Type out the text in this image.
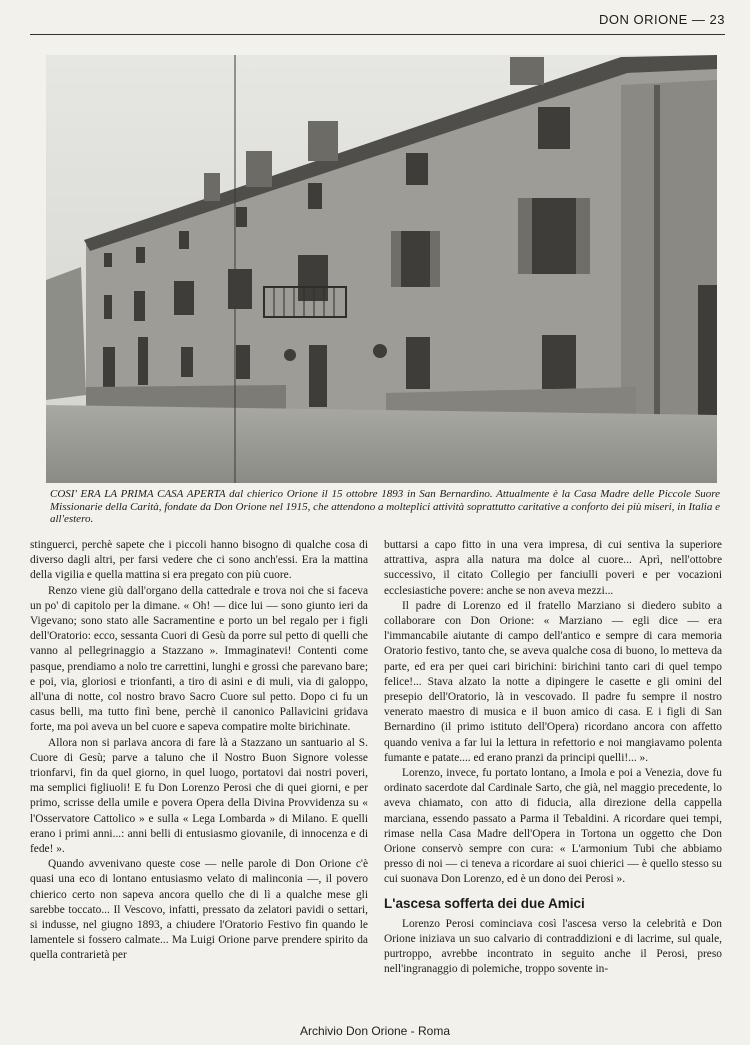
DON ORIONE — 23
COSI' ERA LA PRIMA CASA APERTA dal chierico Orione il 15 ottobre 1893 in San Bernardino. Attualmente è la Casa Madre delle Piccole Suore Missionarie della Carità, fondate da Don Orione nel 1915, che attendono a molteplici attività soprattutto caritative a conforto dei più miseri, in Italia e all'estero.

stinguerci, perchè sapete che i piccoli hanno bisogno di qualche cosa di diverso dagli altri, per farsi vedere che ci sono anch'essi. Era la mattina della vigilia e quella mattina si era pregato con più cuore.

Renzo viene giù dall'organo della cattedrale e trova noi che si faceva un po' di capitolo per la dimane. « Oh! — dice lui — sono giunto ieri da Vigevano; sono stato alle Sacramentine e porto un bel regalo per i figli dell'Oratorio: ecco, sessanta Cuori di Gesù da porre sul petto di quelli che vanno al pellegrinaggio a Stazzano ». Immaginatevi! Contenti come pasque, prendiamo a nolo tre carrettini, lunghi e grossi che parevano bare; e poi, via, gloriosi e trionfanti, a tiro di asini e di muli, via di galoppo, all'una di notte, col nostro bravo Sacro Cuore sul petto. Dopo ci fu un casus belli, ma tutto finì bene, perchè il canonico Pallavicini gridava forte, ma poi aveva un bel cuore e sapeva compatire molte birichinate.

Allora non si parlava ancora di fare là a Stazzano un santuario al S. Cuore di Gesù; parve a taluno che il Nostro Buon Signore volesse trionfarvi, fin da quel giorno, in quel luogo, portatovi dai nostri poveri, ma semplici figliuoli! E fu Don Lorenzo Perosi che di quei giorni, e per primo, scrisse della umile e povera Opera della Divina Provvidenza su « l'Osservatore Cattolico » e sulla « Lega Lombarda » di Milano. E quelli erano i primi anni...: anni belli di entusiasmo giovanile, di innocenza e di fede! ».

Quando avvenivano queste cose — nelle parole di Don Orione c'è quasi una eco di lontano entusiasmo velato di malinconia —, il povero chierico certo non sapeva ancora quello che di lì a qualche mese gli sarebbe toccato... Il Vescovo, infatti, pressato da zelatori pavidi o settari, si indusse, nel giugno 1893, a chiudere l'Oratorio Festivo fin quando le lamentele si fossero calmate... Ma Luigi Orione parve prendere spirito da quella contrarietà per

buttarsi a capo fitto in una vera impresa, di cui sentiva la superiore attrattiva, aspra alla natura ma dolce al cuore... Aprì, nell'ottobre successivo, il citato Collegio per fanciulli poveri e per vocazioni ecclesiastiche povere: anche se non aveva mezzi...

Il padre di Lorenzo ed il fratello Marziano si diedero subito a collaborare con Don Orione: « Marziano — egli dice — era l'immancabile aiutante di campo dell'antico e sempre di cara memoria Oratorio festivo, tanto che, se aveva qualche cosa di buono, lo metteva da parte, ed era per quei cari birichini: birichini tanto cari di quel tempo felice!... Stava alzato la notte a dipingere le casette e gli omini del presepio dell'Oratorio, là in vescovado. Il padre fu sempre il nostro venerato maestro di musica e il buon amico di casa. E i figli di San Bernardino (il primo istituto dell'Opera) ricordano ancora con affetto quando veniva a far lui la lettura in refettorio e noi mangiavamo polenta fumante e patate.... ed erano pranzi da principi quelli!... ».

Lorenzo, invece, fu portato lontano, a Imola e poi a Venezia, dove fu ordinato sacerdote dal Cardinale Sarto, che già, nel maggio precedente, lo aveva chiamato, con atto di fiducia, alla direzione della cappella marciana, essendo passato a Parma il Tebaldini. A ricordare quei tempi, rimase nella Casa Madre dell'Opera in Tortona un oggetto che Don Orione conservò sempre con cura: « L'armonium Tubi che abbiamo presso di noi — ci teneva a ricordare ai suoi chierici — è quello stesso su cui suonava Don Lorenzo, ed è un dono dei Perosi ».

L'ascesa sofferta dei due Amici

Lorenzo Perosi cominciava così l'ascesa verso la celebrità e Don Orione iniziava un suo calvario di contraddizioni e di lacrime, sul quale, purtroppo, avrebbe incontrato in seguito anche il Perosi, preso nell'ingranaggio di polemiche, troppo sovente in-

Archivio Don Orione - Roma
